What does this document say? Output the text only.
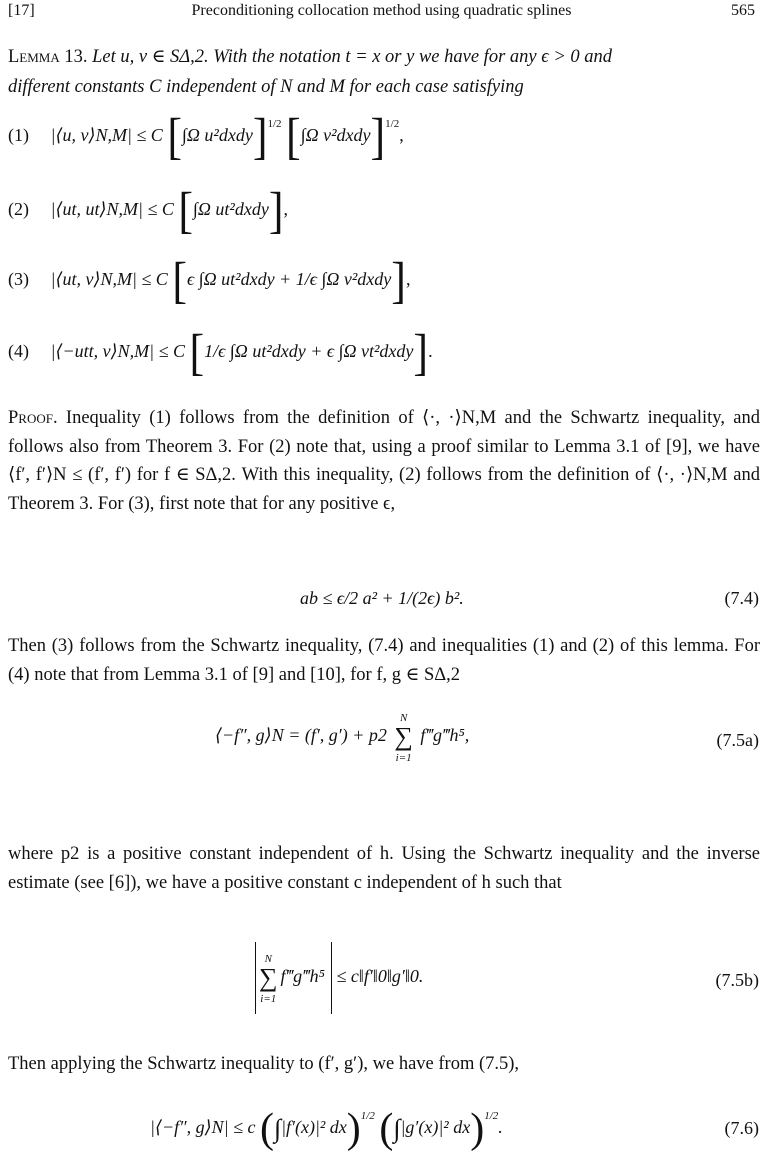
[17]	Preconditioning collocation method using quadratic splines	565
Lemma 13. Let u, v ∈ SΔ,2. With the notation t = x or y we have for any ϵ > 0 and
different constants C independent of N and M for each case satisfying
(1) |⟨u, v⟩N,M| ≤ C [∫Ω u²dxdy]$^{1/2}$ [∫Ω v²dxdy]$^{1/2}$,
(2) |⟨ut, ut⟩N,M| ≤ C [∫Ω ut²dxdy],
(3) |⟨ut, v⟩N,M| ≤ C [ϵ ∫Ω ut²dxdy + 1/ϵ ∫Ω v²dxdy],
(4) |⟨−utt, v⟩N,M| ≤ C [1/ϵ ∫Ω ut²dxdy + ϵ ∫Ω vt²dxdy].
Proof. Inequality (1) follows from the definition of ⟨·, ·⟩N,M and the Schwartz inequality, and follows also from Theorem 3. For (2) note that, using a proof similar to Lemma 3.1 of [9], we have ⟨f′, f′⟩N ≤ (f′, f′) for f ∈ SΔ,2. With this inequality, (2) follows from the definition of ⟨·, ·⟩N,M and Theorem 3. For (3), first note that for any positive ϵ,
ab ≤ ϵ/2 a² + 1/(2ϵ) b².	(7.4)
Then (3) follows from the Schwartz inequality, (7.4) and inequalities (1) and (2) of this lemma. For (4) note that from Lemma 3.1 of [9] and [10], for f, g ∈ SΔ,2
⟨−f″, g⟩N = (f′, g′) + p2 ∑
N
i=1
f‴g‴h⁵,	(7.5a)
where p2 is a positive constant independent of h. Using the Schwartz inequality and the inverse estimate (see [6]), we have a positive constant c independent of h such that
∑
N
i=1
f‴g‴h⁵ ≤ c‖f′‖0‖g′‖0.	(7.5b)
Then applying the Schwartz inequality to (f′, g′), we have from (7.5),
|⟨−f″, g⟩N| ≤ c (∫|f′(x)|² dx)$^{1/2}$ (∫|g′(x)|² dx)$^{1/2}$.	(7.6)
